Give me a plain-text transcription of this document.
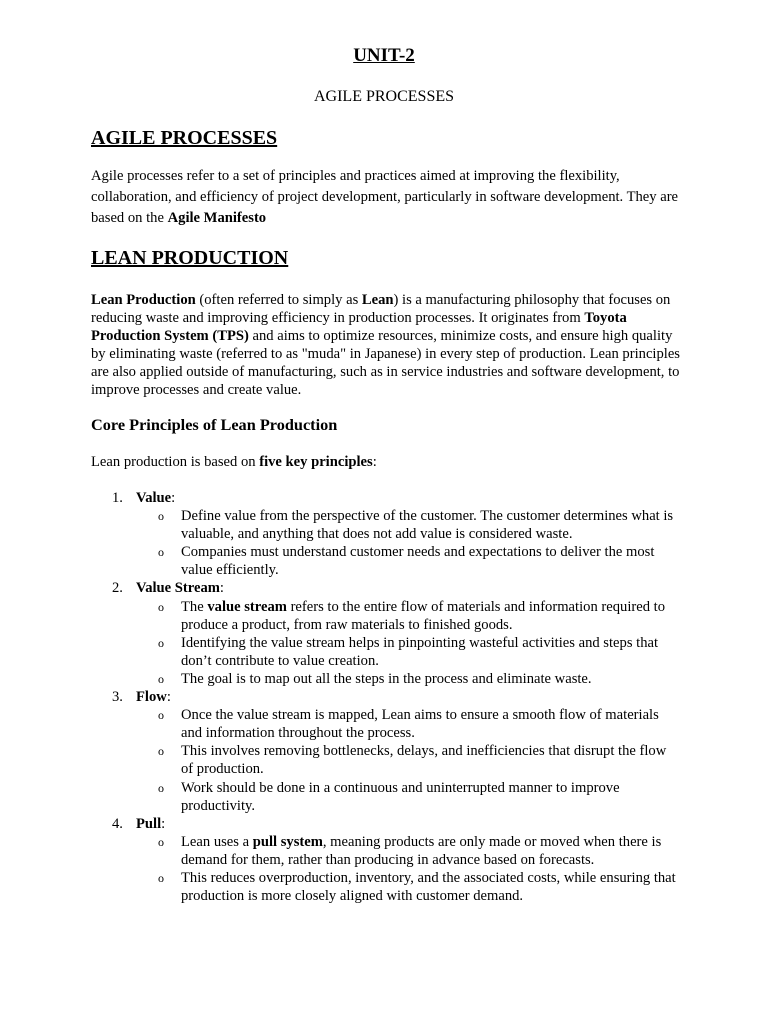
UNIT-2
AGILE PROCESSES
AGILE PROCESSES

Agile processes refer to a set of principles and practices aimed at improving the flexibility, collaboration, and efficiency of project development, particularly in software development. They are based on the Agile Manifesto

LEAN PRODUCTION

Lean Production (often referred to simply as Lean) is a manufacturing philosophy that focuses on reducing waste and improving efficiency in production processes. It originates from Toyota Production System (TPS) and aims to optimize resources, minimize costs, and ensure high quality by eliminating waste (referred to as "muda" in Japanese) in every step of production. Lean principles are also applied outside of manufacturing, such as in service industries and software development, to improve processes and create value.

Core Principles of Lean Production
Lean production is based on five key principles:
1. Value:
o Define value from the perspective of the customer. The customer determines what is valuable, and anything that does not add value is considered waste.
o Companies must understand customer needs and expectations to deliver the most value efficiently.
2. Value Stream:
o The value stream refers to the entire flow of materials and information required to produce a product, from raw materials to finished goods.
o Identifying the value stream helps in pinpointing wasteful activities and steps that don’t contribute to value creation.
o The goal is to map out all the steps in the process and eliminate waste.
3. Flow:
o Once the value stream is mapped, Lean aims to ensure a smooth flow of materials and information throughout the process.
o This involves removing bottlenecks, delays, and inefficiencies that disrupt the flow of production.
o Work should be done in a continuous and uninterrupted manner to improve productivity.
4. Pull:
o Lean uses a pull system, meaning products are only made or moved when there is demand for them, rather than producing in advance based on forecasts.
o This reduces overproduction, inventory, and the associated costs, while ensuring that production is more closely aligned with customer demand.
